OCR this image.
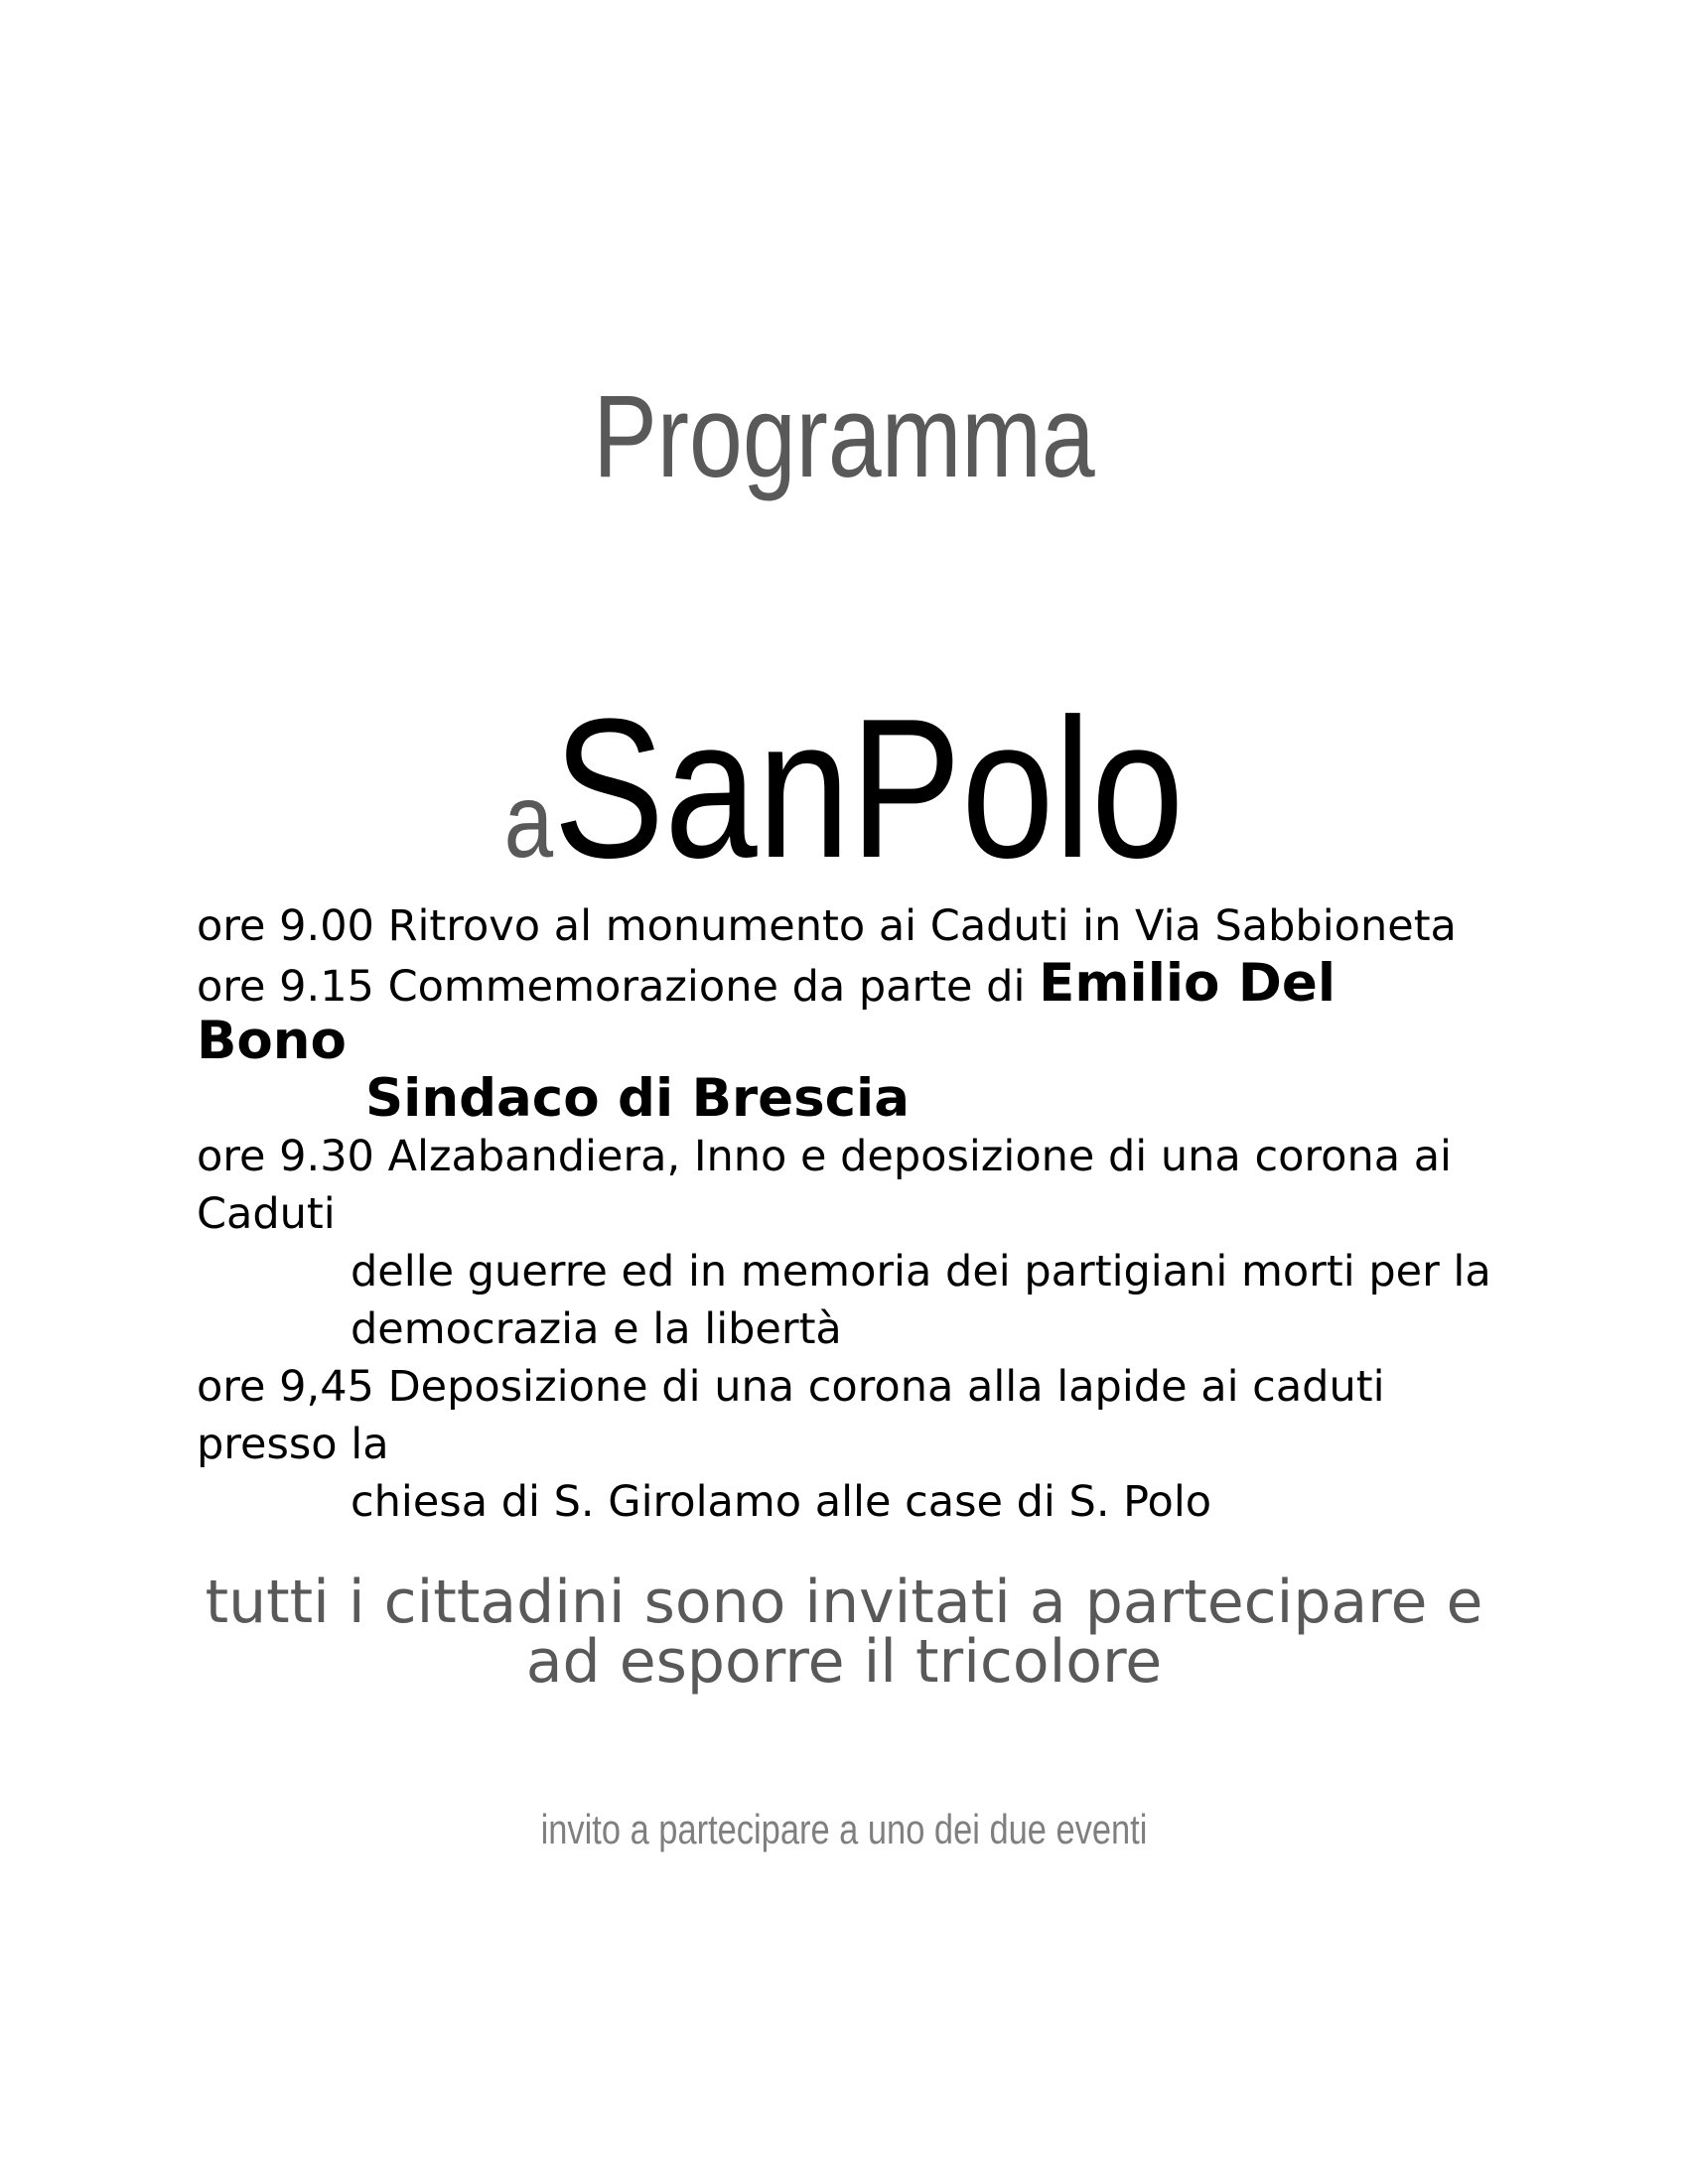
Programma
aSanPolo
ore 9.00 Ritrovo al monumento ai Caduti in Via Sabbioneta
ore 9.15 Commemorazione da parte di Emilio Del
Bono
Sindaco di Brescia
ore 9.30 Alzabandiera, Inno e deposizione di una corona ai
Caduti
delle guerre ed in memoria dei partigiani morti per la
democrazia e la libertà
ore 9,45 Deposizione di una corona alla lapide ai caduti
presso la
chiesa di S. Girolamo alle case di S. Polo
tutti i cittadini sono invitati a partecipare e
ad esporre il tricolore
invito a partecipare a uno dei due eventi
